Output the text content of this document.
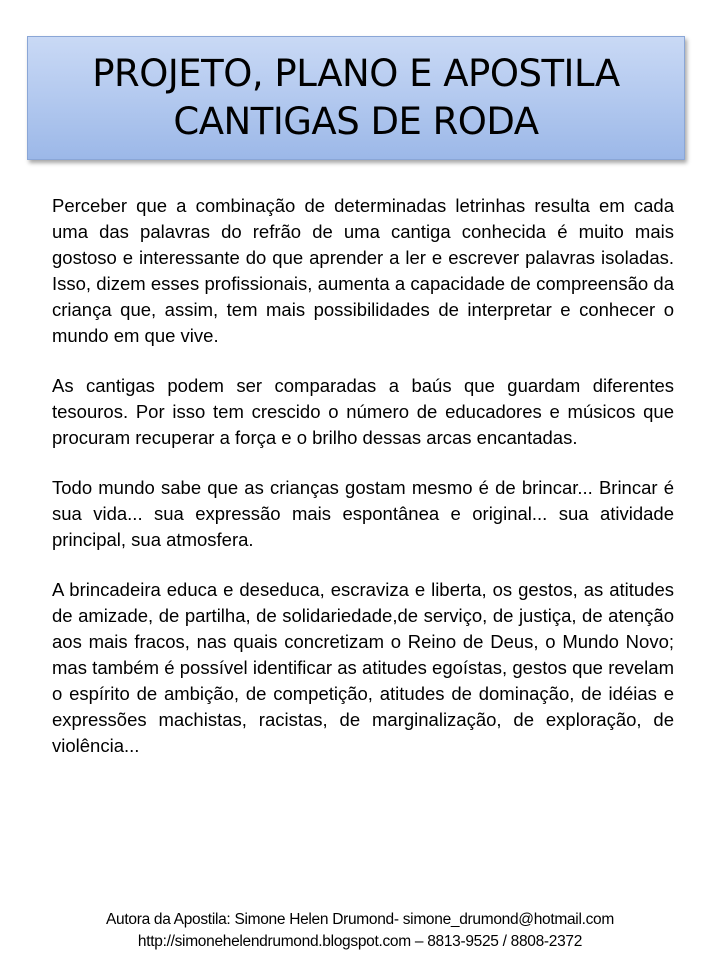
PROJETO, PLANO E APOSTILA
CANTIGAS DE RODA

Perceber que a combinação de determinadas letrinhas resulta em cada uma das palavras do refrão de uma cantiga conhecida é muito mais gostoso e interessante do que aprender a ler e escrever palavras isoladas. Isso, dizem esses profissionais, aumenta a capacidade de compreensão da criança que, assim, tem mais possibilidades de interpretar e conhecer o mundo em que vive.

As cantigas podem ser comparadas a baús que guardam diferentes tesouros. Por isso tem crescido o número de educadores e músicos que procuram recuperar a força e o brilho dessas arcas encantadas.

Todo mundo sabe que as crianças gostam mesmo é de brincar... Brincar é sua vida... sua expressão mais espontânea e original... sua atividade principal, sua atmosfera.

A brincadeira educa e deseduca, escraviza e liberta, os gestos, as atitudes de amizade, de partilha, de solidariedade,de serviço, de justiça, de atenção aos mais fracos, nas quais concretizam o Reino de Deus, o Mundo Novo; mas também é possível identificar as atitudes egoístas, gestos que revelam o espírito de ambição, de competição, atitudes de dominação, de idéias e expressões machistas, racistas, de marginalização, de exploração, de violência...

Autora da Apostila: Simone Helen Drumond- simone_drumond@hotmail.com
http://simonehelendrumond.blogspot.com – 8813-9525 / 8808-2372
